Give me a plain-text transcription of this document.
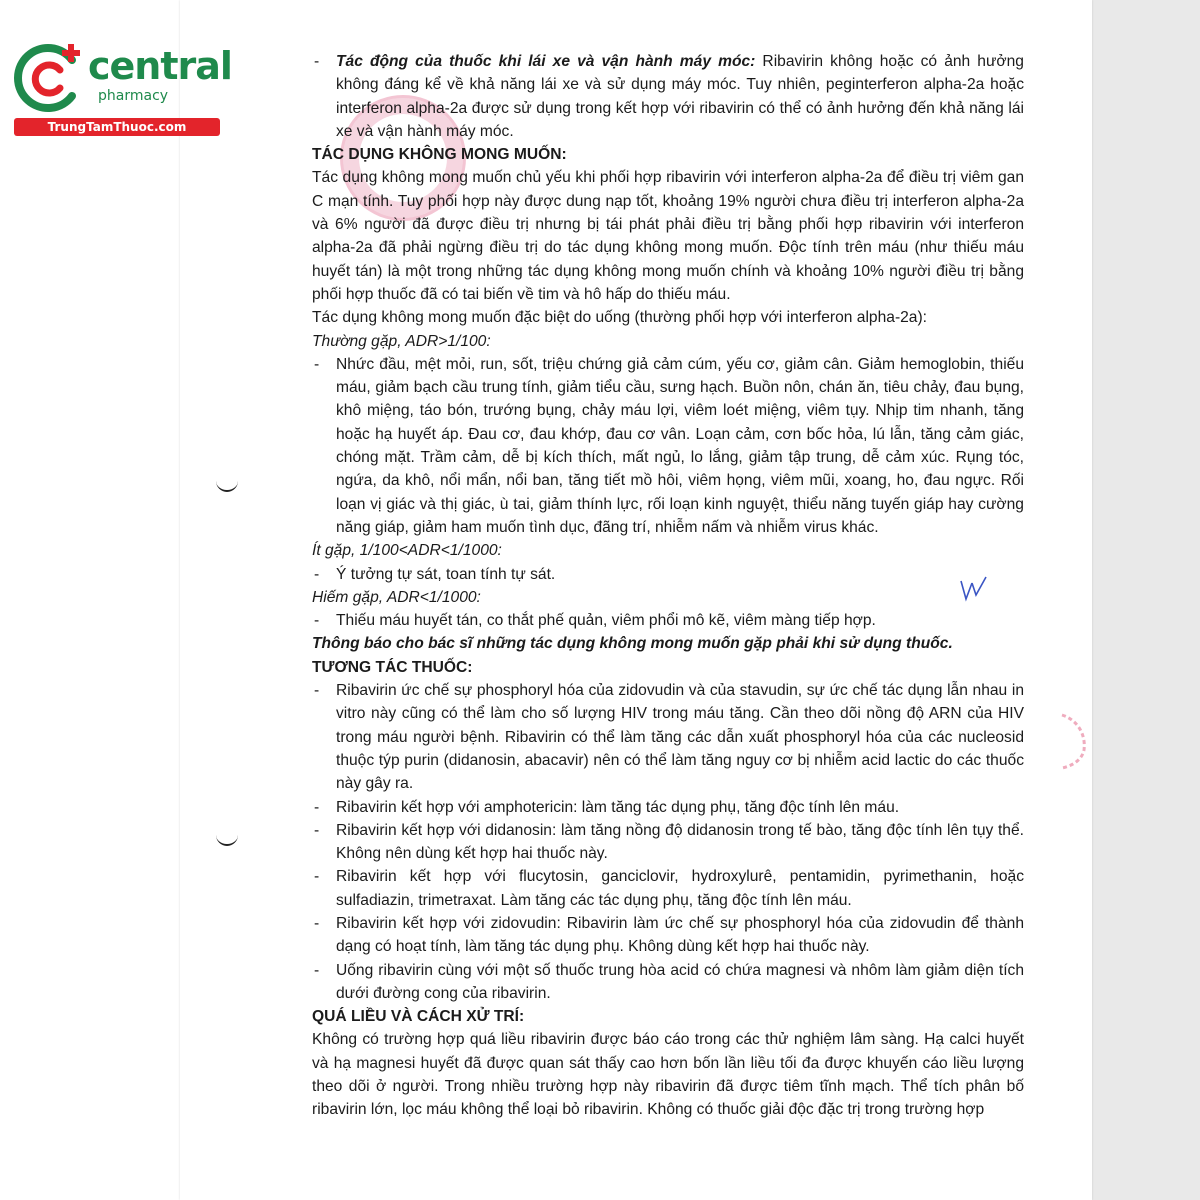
central
pharmacy
TrungTamThuoc.com

- Tác động của thuốc khi lái xe và vận hành máy móc: Ribavirin không hoặc có ảnh hưởng không đáng kể về khả năng lái xe và sử dụng máy móc. Tuy nhiên, peginterferon alpha-2a hoặc interferon alpha-2a được sử dụng trong kết hợp với ribavirin có thể có ảnh hưởng đến khả năng lái xe và vận hành máy móc.

TÁC DỤNG KHÔNG MONG MUỐN:

Tác dụng không mong muốn chủ yếu khi phối hợp ribavirin với interferon alpha-2a để điều trị viêm gan C mạn tính. Tuy phối hợp này được dung nạp tốt, khoảng 19% người chưa điều trị interferon alpha-2a và 6% người đã được điều trị nhưng bị tái phát phải điều trị bằng phối hợp ribavirin với interferon alpha-2a đã phải ngừng điều trị do tác dụng không mong muốn. Độc tính trên máu (như thiếu máu huyết tán) là một trong những tác dụng không mong muốn chính và khoảng 10% người điều trị bằng phối hợp thuốc đã có tai biến về tim và hô hấp do thiếu máu.

Tác dụng không mong muốn đặc biệt do uống (thường phối hợp với interferon alpha-2a):

Thường gặp, ADR>1/100:

- Nhức đầu, mệt mỏi, run, sốt, triệu chứng giả cảm cúm, yếu cơ, giảm cân. Giảm hemoglobin, thiếu máu, giảm bạch cầu trung tính, giảm tiểu cầu, sưng hạch. Buồn nôn, chán ăn, tiêu chảy, đau bụng, khô miệng, táo bón, trướng bụng, chảy máu lợi, viêm loét miệng, viêm tụy. Nhịp tim nhanh, tăng hoặc hạ huyết áp. Đau cơ, đau khớp, đau cơ vân. Loạn cảm, cơn bốc hỏa, lú lẫn, tăng cảm giác, chóng mặt. Trầm cảm, dễ bị kích thích, mất ngủ, lo lắng, giảm tập trung, dễ cảm xúc. Rụng tóc, ngứa, da khô, nổi mẩn, nổi ban, tăng tiết mồ hôi, viêm họng, viêm mũi, xoang, ho, đau ngực. Rối loạn vị giác và thị giác, ù tai, giảm thính lực, rối loạn kinh nguyệt, thiểu năng tuyến giáp hay cường năng giáp, giảm ham muốn tình dục, đãng trí, nhiễm nấm và nhiễm virus khác.

Ít gặp, 1/100<ADR<1/1000:

- Ý tưởng tự sát, toan tính tự sát.

Hiếm gặp, ADR<1/1000:

- Thiếu máu huyết tán, co thắt phế quản, viêm phổi mô kẽ, viêm màng tiếp hợp.

Thông báo cho bác sĩ những tác dụng không mong muốn gặp phải khi sử dụng thuốc.

TƯƠNG TÁC THUỐC:

- Ribavirin ức chế sự phosphoryl hóa của zidovudin và của stavudin, sự ức chế tác dụng lẫn nhau in vitro này cũng có thể làm cho số lượng HIV trong máu tăng. Cần theo dõi nồng độ ARN của HIV trong máu người bệnh. Ribavirin có thể làm tăng các dẫn xuất phosphoryl hóa của các nucleosid thuộc týp purin (didanosin, abacavir) nên có thể làm tăng nguy cơ bị nhiễm acid lactic do các thuốc này gây ra.

- Ribavirin kết hợp với amphotericin: làm tăng tác dụng phụ, tăng độc tính lên máu.

- Ribavirin kết hợp với didanosin: làm tăng nồng độ didanosin trong tế bào, tăng độc tính lên tụy thể. Không nên dùng kết hợp hai thuốc này.

- Ribavirin kết hợp với flucytosin, ganciclovir, hydroxylurê, pentamidin, pyrimethanin, hoặc sulfadiazin, trimetraxat. Làm tăng các tác dụng phụ, tăng độc tính lên máu.

- Ribavirin kết hợp với zidovudin: Ribavirin làm ức chế sự phosphoryl hóa của zidovudin để thành dạng có hoạt tính, làm tăng tác dụng phụ. Không dùng kết hợp hai thuốc này.

- Uống ribavirin cùng với một số thuốc trung hòa acid có chứa magnesi và nhôm làm giảm diện tích dưới đường cong của ribavirin.

QUÁ LIỀU VÀ CÁCH XỬ TRÍ:

Không có trường hợp quá liều ribavirin được báo cáo trong các thử nghiệm lâm sàng. Hạ calci huyết và hạ magnesi huyết đã được quan sát thấy cao hơn bốn lần liều tối đa được khuyến cáo liều lượng theo dõi ở người. Trong nhiều trường hợp này ribavirin đã được tiêm tĩnh mạch. Thể tích phân bố ribavirin lớn, lọc máu không thể loại bỏ ribavirin. Không có thuốc giải độc đặc trị trong trường hợp
